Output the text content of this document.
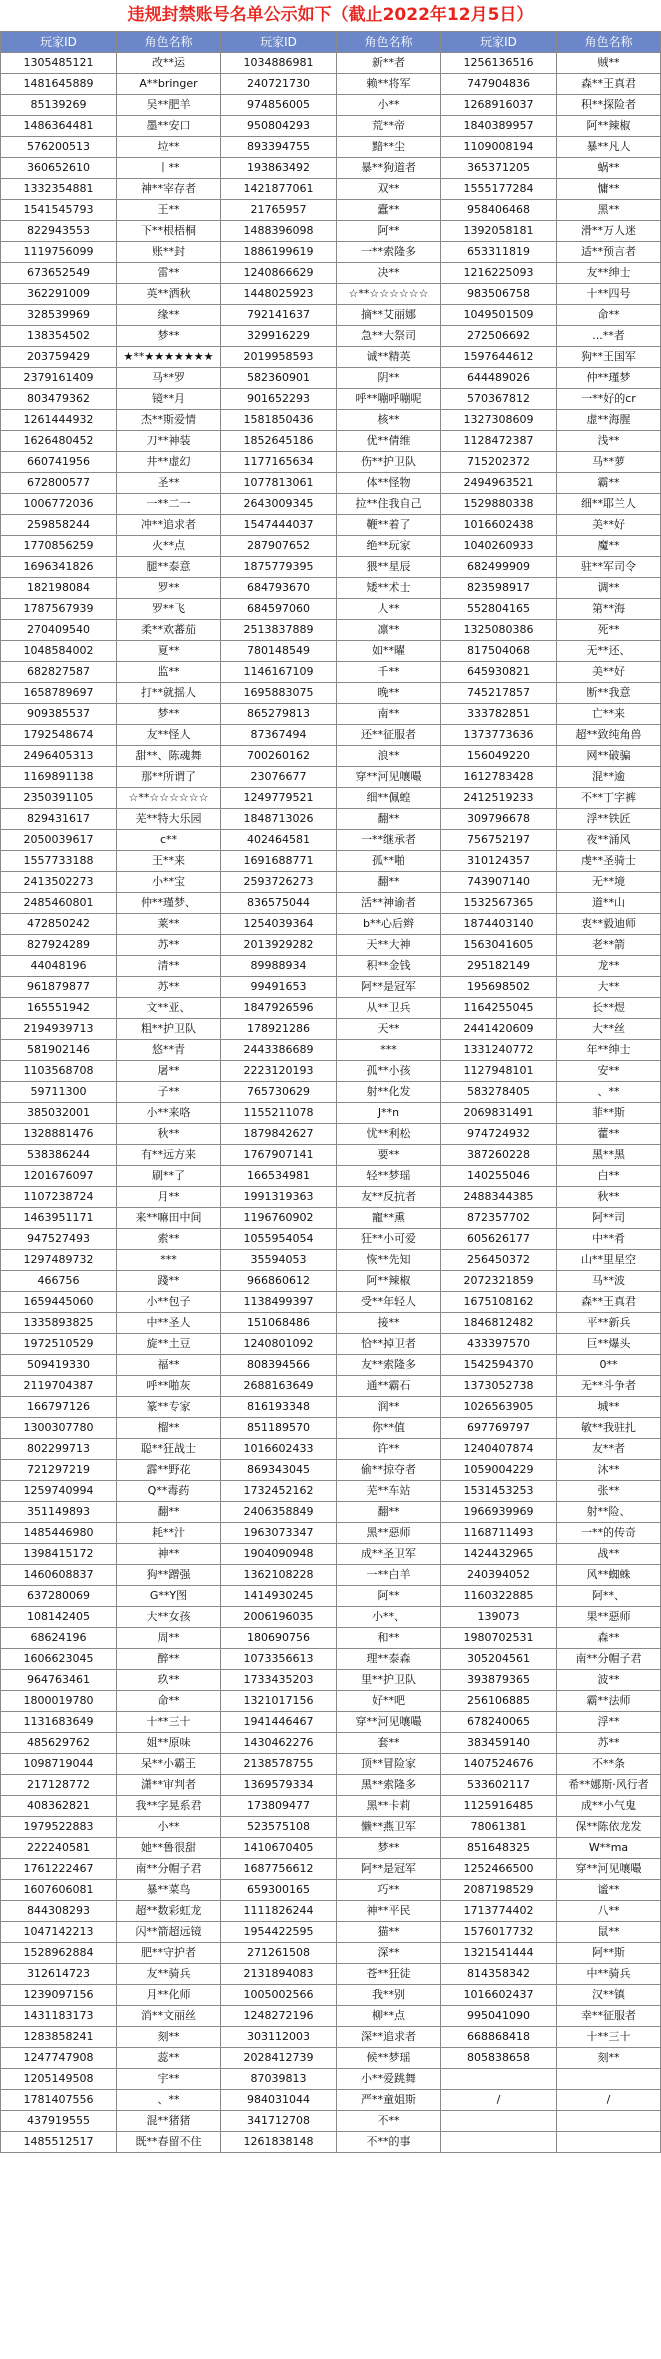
违规封禁账号名单公示如下（截止2022年12月5日）
玩家ID	角色名称	玩家ID	角色名称	玩家ID	角色名称
1305485121	改**运	1034886981	新**者	1256136516	贼**
1481645889	A**bringer	240721730	赖**将军	747904836	森**王真君
85139269	吴**肥羊	974856005	小**	1268916037	积**探险者
1486364481	墨**安口	950804293	荒**帝	1840389957	阿**辣椒
576200513	垃**	893394755	黯**尘	1109008194	暴**凡人
360652610	丨**	193863492	暴**狗道者	365371205	蜗**
1332354881	神**宰存者	1421877061	双**	1555177284	慵**
1541545793	王**	21765957	蠹**	958406468	黑**
822943553	下**根梧桐	1488396098	阿**	1392058181	滑**万人迷
1119756099	账**封	1886199619	一**索隆多	653311819	适**预言者
673652549	雷**	1240866629	决**	1216225093	友**绅士
362291009	英**洒秋	1448025923	☆**☆☆☆☆☆☆	983506758	十**四号
328539969	缘**	792141637	摘**艾丽娜	1049501509	命**
138354502	梦**	329916229	急**大祭司	272506692	...**者
203759429	★**★★★★★★★	2019958593	诚**精英	1597644612	狗**王国军
2379161409	马**罗	582360901	阴**	644489026	仲**瑾梦
803479362	镜**月	901652293	呼**嘣呼嘣呢	570367812	一**好的cr
1261444932	杰**斯爱情	1581850436	核**	1327308609	虚**海腥
1626480452	刀**神装	1852645186	优**倩维	1128472387	浅**
660741956	井**虚幻	1177165634	伤**护卫队	715202372	马**萝
672800577	圣**	1077813061	体**怪物	2494963521	霸**
1006772036	一**二一	2643009345	拉**住我自己	1529880338	细**耶兰人
259858244	冲**追求者	1547444037	鞭**着了	1016602438	美**好
1770856259	火**点	287907652	绝**玩家	1040260933	魔**
1696341826	腿**泰意	1875779395	猥**星辰	682499909	驻**军司令
182198084	罗**	684793670	矮**术士	823598917	调**
1787567939	罗**飞	684597060	人**	552804165	第**海
270409540	柔**欢蕃茄	2513837889	凛**	1325080386	死**
1048584002	夏**	780148549	如**曜	817504068	无**还、
682827587	监**	1146167109	千**	645930821	美**好
1658789697	打**就摇人	1695883075	晚**	745217857	断**我意
909385537	梦**	865279813	南**	333782851	亡**来
1792548674	友**怪人	87367494	还**征服者	1373773636	超**致纯角兽
2496405313	甜**、陈魂舞	700260162	浪**	156049220	网**破骗
1169891138	那**所谓了	23076677	穿**河见嚷嘬	1612783428	混**逾
2350391105	☆**☆☆☆☆☆☆	1249779521	细**佩蝗	2412519233	不**丁字裤
829431617	芜**特大乐园	1848713026	翻**	309796678	浮**铁匠
2050039617	c**	402464581	一**继承者	756752197	夜**涌风
1557733188	王**来	1691688771	孤**啪	310124357	虔**圣骑士
2413502273	小**宝	2593726273	翻**	743907140	无**境
2485460801	仲**瑾梦、	836575044	活**神谕者	1532567365	道**山
472850242	莱**	1254039364	b**心后辫	1874403140	衷**毅迪师
827924289	苏**	2013929282	天**大神	1563041605	老**箭
44048196	清**	89988934	积**金钱	295182149	龙**
961879877	苏**	99491653	阿**是冠军	195698502	大**
165551942	文**亚、	1847926596	从**卫兵	1164255045	长**煜
2194939713	粗**护卫队	178921286	天**	2441420609	大**丝
581902146	悠**青	2443386689	***	1331240772	年**绅士
1103568708	屠**	2223120193	孤**小孩	1127948101	安**
59711300	子**	765730629	射**化发	583278405	、**
385032001	小**来咯	1155211078	J**n	2069831491	菲**斯
1328881476	秋**	1879842627	忧**利松	974724932	藿**
538386244	有**远方来	1767907141	要**	387260228	黑**黑
1201676097	刷**了	166534981	轻**梦瑶	140255046	白**
1107238724	月**	1991319363	友**反抗者	2488344385	秋**
1463951171	来**嘛田中间	1196760902	寵**熏	872357702	阿**司
947527493	索**	1055954054	狂**小可爱	605626177	中**肴
1297489732	***	35594053	恢**先知	256450372	山**里星空
466756	踐**	966860612	阿**辣椒	2072321859	马**波
1659445060	小**包子	1138499397	受**年轻人	1675108162	森**王真君
1335893825	中**圣人	151068486	接**	1846812482	平**新兵
1972510529	旋**土豆	1240801092	恰**掉卫者	433397570	巨**爆头
509419330	福**	808394566	友**索隆多	1542594370	0**
2119704387	呼**啪灰	2688163649	通**霸石	1373052738	无**斗争者
166797126	篆**专家	816193348	润**	1026563905	城**
1300307780	榴**	851189570	你**值	697769797	敏**我驻扎
802299713	聪**狂战士	1016602433	许**	1240407874	友**者
721297219	霹**野花	869343045	偷**掠夺者	1059004229	沐**
1259740994	Q**毒药	1732452162	芜**车站	1531453253	张**
351149893	翻**	2406358849	翻**	1966939969	射**险、
1485446980	耗**汁	1963073347	黑**惡师	1168711493	一**的传奇
1398415172	神**	1904090948	成**圣卫军	1424432965	战**
1460608837	狗**蹭强	1362108228	一**白羊	240394052	风**蜘蛛
637280069	G**Y图	1414930245	阿**	1160322885	阿**、
108142405	大**女孩	2006196035	小**、	139073	果**惡师
68624196	周**	180690756	和**	1980702531	森**
1606623045	醉**	1073356613	理**泰森	305204561	南**分帽子君
964763461	玖**	1733435203	里**护卫队	393879365	波**
1800019780	命**	1321017156	好**吧	256106885	霸**法师
1131683649	十**三十	1941446467	穿**河见嚷嘬	678240065	浮**
485629762	姐**原味	1430462276	套**	383459140	苏**
1098719044	呆**小霸王	2138578755	顶**冒险家	1407524676	不**条
217128772	潇**审判者	1369579334	黑**索隆多	533602117	希**娜斯·风行者
408362821	我**字晃系君	173809477	黑**卡莉	1125916485	成**小气鬼
1979522883	小**	523575108	懒**燕卫军	78061381	保**陈依龙发
222240581	她**鲁很甜	1410670405	梦**	851648325	W**ma
1761222467	南**分帽子君	1687756612	阿**是冠军	1252466500	穿**河见嚷嘬
1607606081	暴**菜鸟	659300165	巧**	2087198529	谧**
844308293	超**数彩虹龙	1111826244	神**平民	1713774402	八**
1047142213	闪**箭超远镜	1954422595	猫**	1576017732	鼠**
1528962884	肥**守护者	271261508	深**	1321541444	阿**斯
312614723	友**骑兵	2131894083	苍**狂徒	814358342	中**骑兵
1239097156	月**化师	1005002566	我**别	1016602437	汉**镇
1431183173	消**文丽丝	1248272196	柳**点	995041090	幸**征服者
1283858241	刻**	303112003	深**追求者	668868418	十**三十
1247747908	蕊**	2028412739	候**梦瑶	805838658	刻**
1205149508	宇**	87039813	小**爱跳舞		
1781407556	、**	984031044	严**童姐斯	/	/
437919555	混**猪猪	341712708	不**		
1485512517	既**春留不住	1261838148	不**的事		
